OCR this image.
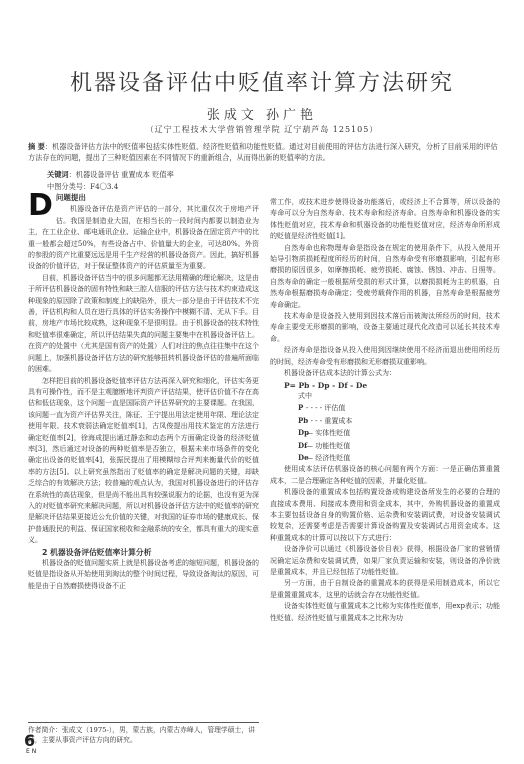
机器设备评估中贬值率计算方法研究
张成文 孙广艳
（辽宁工程技术大学营销管理学院 辽宁葫芦岛 125105）
摘 要：机器设备评估方法中的贬值率包括实体性贬值、经济性贬值和功能性贬值。通过对目前使用的评估方法进行深入研究，分析了目前采用的评估方法存在的问题，提出了三种贬值因素在不同情况下的重新组合，从而得出新的贬值率的方法。
关键词：机器设备评估 重置成本 贬值率
中图分类号：F4〇3.4

D问题提出

机器设备评估是资产评估的一部分，其比重仅次于房地产评估。我国是制造业大国，在相当长的一段时间内都要以制造业为主，在工业企业、邮电通讯企业、运输企业中，机器设备在固定资产中的比重一般都会超过50%，有些设备占中、价值量大的企业，可达80%。外资的参股的资产比重要远远是用千生产经营的机器设备资产。因此，搞好机器设备的价值评估，对于保证整体资产的评估质量至为重要。

目前，机器设备评估当中的很多问题都无法用精确的理论解决，这是由于所评估机器设备的固有特性和缺三腔人信服的评估方法与技术约束造成这种现象的原因除了政策和制度上的缺陷外，很大一部分是由于评估技术不完善，评估机构和人员在进行具体的评估实务操作中模糊不清、无从下手。目前，房地产市场比较成熟，这种现象不是很明显。由于机器设备的技术特性和贬值率很难确定，所以评估结果失真的问题主要集中在机器设备评估上。在资产的处置中（尤其是国有资产的处置）人们对注的焦点往往集中在这个问题上，加强机器设备评估方法的研究能够扭转机器设备评估的普遍所面临的困难。

怎样把目前的机器设备贬值率评估方法再深入研究和细化，评估实务更具有可操作性，而不是主观臆断地评判资产评估结果，使评估价值不存在高估和低估现象，这个问题一直是国际资产评估界研究的主要课题。在我国，该问题一直为资产评估界关注，陈征、王宁提出用法定使用年限、理论法定使用年限、技术衰弱法确定贬值率[1]，古凤俊提出用技术鉴定的方法进行确定贬值率[2]，徐海成提出通过静态和动态两个方面确定设备的经济贬值率[3]，然后通过对设备的两种贬值率是否独立，根据未来市场条件的变化确定出设备的贬值率[4]，张振民提出了用模糊综合评判来衡量代价的贬值率的方法[5]。以上研究虽然指出了贬值率的确定是解决问题的关键，却缺乏综合的有效解决方法；较普遍的观点认为，我国对机器设备进行的评估存在系统性的高估现象，但是尚不能出具有较强说服力的论据，也没有更为深入的对贬值率研究来解决问题，所以对机器设备评估方法中的贬值率的研究是解决评估结果更接近公允价值的关键，对我国的证券市场的健康成长、保护普通股民的利益、保证国家税收和金融系统的安全，都具有重大的现实意义。

2 机器设备评估贬值率计算分析

机器设备的贬值问题实质上就是机器设备考虑的缩短问题，机器设备的贬值是指设备从开始使用到淘汰的整个时间过程，导致设备淘汰的原因，可能是由于自然磨损使得设备不正

常工作，或技术进步使得设备功能落后，或经济上不合算等，所以设备的寿命可以分为自然寿命、技术寿命和经济寿命。自然寿命和机器设备的实体性贬值对应，技术寿命和机器设备的功能性贬值对应，经济寿命所形成的贬值是经济性贬值[1]。

自然寿命也称物理寿命是指设备在规定的使用条件下，从投入使用开始导引物质损耗程度所经历的时间，自然寿命受有形磨损影响，引起有形磨损的原因很多，如摩擦损耗、疲劳损耗、腐蚀、锈蚀、冲击、日照等。自然寿命的确定一般根据所受损的形式计算，以磨损损耗为主的机器，自然寿命根据磨损寿命确定；受疲劳载荷作用的机器，自然寿命是根据疲劳寿命确定。

技术寿命是设备投入使用到因技术落后而被淘汰所经历的时间，技术寿命主要受无形磨损的影响，设备主要通过现代化改造可以延长其技术寿命。

经济寿命是指设备从投入使用到因继续使用不经济而退出使用所经历的时间，经济寿命受有形磨损和无形磨损双重影响。

机器设备评估成本法的计算公式为：

P= Pb - Dp - Df - De

式中

P - - - - 评估值

Pb- - - - 重置成本

Dp— 实体性贬值

Df— 功能性贬值

De— 经济性贬值

使用成本法评估机器设备的核心问题有两个方面：一是正确估算重置成本，二是合理确定各种贬值的因素，并量化贬值。

机器设备的重置成本包括购置设备或购建设备所发生的必要的合理的直接成本费用、间接成本费用和资金成本，其中，外购机器设备的重置成本主要包括设备自身的购置价格、运杂费和安装调试费，对设备安装调试较复杂，还需要考虑是否需要计算设备购置及安装调试占用资金成本。这种重置成本的计算可以按以下方式进行：

设备净价可以通过《机器设备价目表》获得，根据设备厂家的营销情况确定运杂费和安装调试费，如果厂家负责运输和安装，则设备的净价就是重置成本，并且已经包括了功能性贬值。

另一方面，由于自制设备的重置成本的获得是采用制造成本，所以它是重置重置成本，这里的话就会存在功能性贬值。

设备实体性贬值与重置成本之比称为实体性贬值率，用exp表示；功能性贬值、经济性贬值与重置成本之比称为功

作者简介：张成文（1975-），男，蒙古族，内蒙古赤峰人，管理学硕士，讲师，主要从事资产评估方向的研究。
6
EN
